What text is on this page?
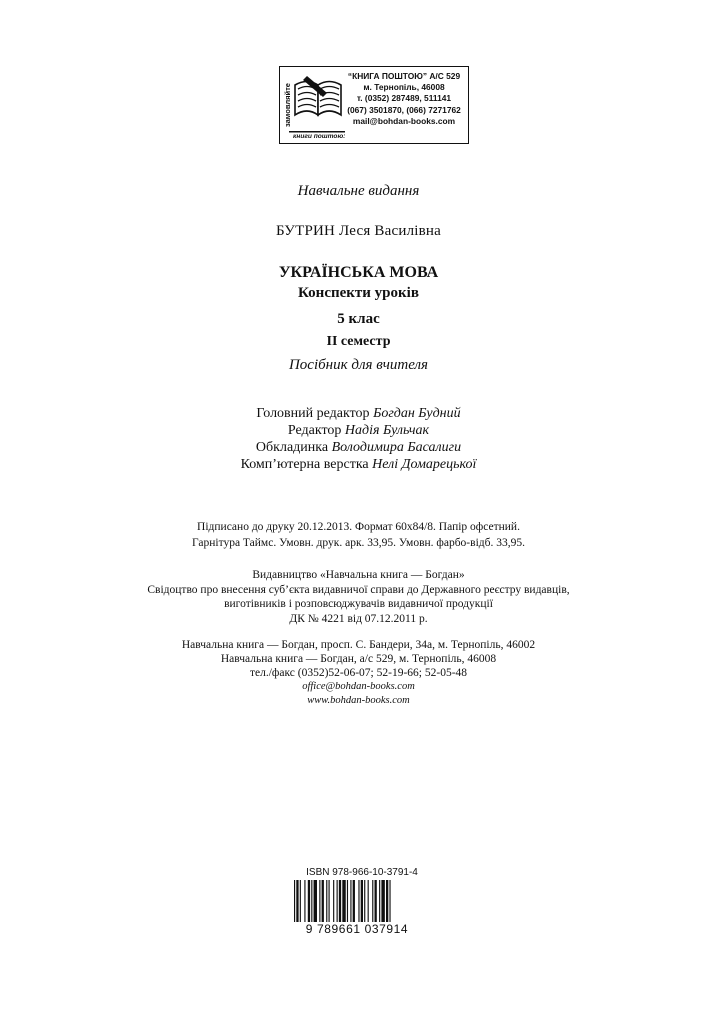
замовляйте
книги поштою:
“КНИГА ПОШТОЮ” А/С 529
м. Тернопіль, 46008
т. (0352) 287489, 511141
(067) 3501870, (066) 7271762
mail@bohdan-books.com
Навчальне видання
БУТРИН Леся Василівна
УКРАЇНСЬКА МОВА
Конспекти уроків
5 клас
ІІ семестр
Посібник для вчителя
Головний редактор Богдан Будний
Редактор Надія Бульчак
Обкладинка Володимира Басалиги
Комп’ютерна верстка Нелі Домарецької
Підписано до друку 20.12.2013. Формат 60х84/8. Папір офсетний.
Гарнітура Таймс. Умовн. друк. арк. 33,95. Умовн. фарбо-відб. 33,95.
Видавництво «Навчальна книга — Богдан»
Свідоцтво про внесення суб’єкта видавничої справи до Державного реєстру видавців,
виготівників і розповсюджувачів видавничої продукції
ДК № 4221 від 07.12.2011 р.
Навчальна книга — Богдан, просп. С. Бандери, 34а, м. Тернопіль, 46002
Навчальна книга — Богдан, а/с 529, м. Тернопіль, 46008
тел./факс (0352)52-06-07; 52-19-66; 52-05-48
office@bohdan-books.com
www.bohdan-books.com
ISBN 978-966-10-3791-4
9 789661 037914
